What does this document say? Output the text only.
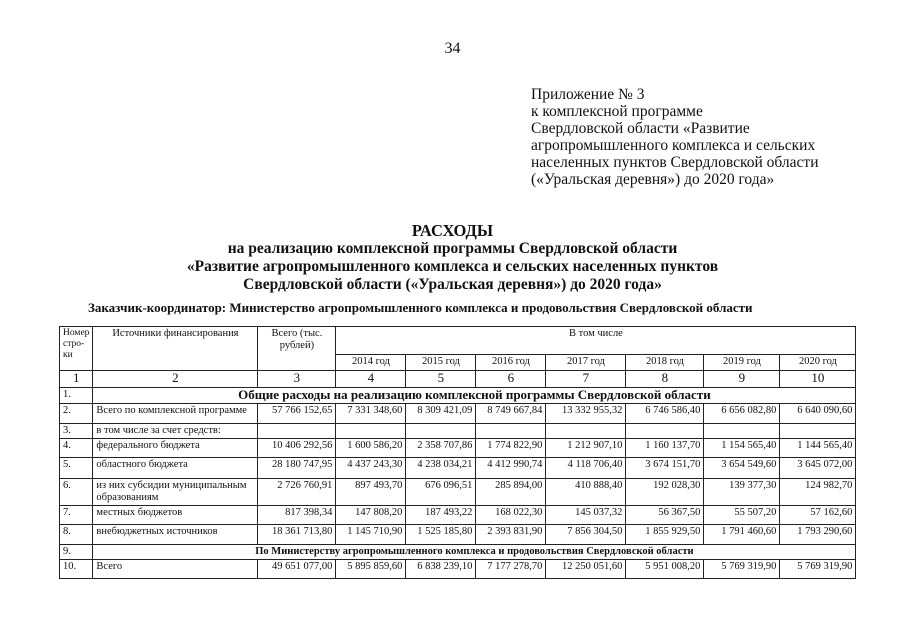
34
Приложение № 3
к комплексной программе
Свердловской области «Развитие
агропромышленного комплекса и сельских
населенных пунктов Свердловской области
(«Уральская деревня») до 2020 года»
РАСХОДЫ
на реализацию комплексной программы Свердловской области
«Развитие агропромышленного комплекса и сельских населенных пунктов
Свердловской области («Уральская деревня») до 2020 года»
Заказчик-координатор: Министерство агропромышленного комплекса и продовольствия Свердловской области
Номер стро-ки	Источники финансирования	Всего (тыс. рублей)	В том числе						
			2014 год	2015 год	2016 год	2017 год	2018 год	2019 год	2020 год
1	2	3	4	5	6	7	8	9	10
1.	Общие расходы на реализацию комплексной программы Свердловской области								
2.	Всего по комплексной программе	57 766 152,65	7 331 348,60	8 309 421,09	8 749 667,84	13 332 955,32	6 746 586,40	6 656 082,80	6 640 090,60
3.	в том числе за счет средств:								
4.	федерального бюджета	10 406 292,56	1 600 586,20	2 358 707,86	1 774 822,90	1 212 907,10	1 160 137,70	1 154 565,40	1 144 565,40
5.	областного бюджета	28 180 747,95	4 437 243,30	4 238 034,21	4 412 990,74	4 118 706,40	3 674 151,70	3 654 549,60	3 645 072,00
6.	из них субсидии муниципальным образованиям	2 726 760,91	897 493,70	676 096,51	285 894,00	410 888,40	192 028,30	139 377,30	124 982,70
7.	местных бюджетов	817 398,34	147 808,20	187 493,22	168 022,30	145 037,32	56 367,50	55 507,20	57 162,60
8.	внебюджетных источников	18 361 713,80	1 145 710,90	1 525 185,80	2 393 831,90	7 856 304,50	1 855 929,50	1 791 460,60	1 793 290,60
9.	По Министерству агропромышленного комплекса и продовольствия Свердловской области								
10.	Всего	49 651 077,00	5 895 859,60	6 838 239,10	7 177 278,70	12 250 051,60	5 951 008,20	5 769 319,90	5 769 319,90
